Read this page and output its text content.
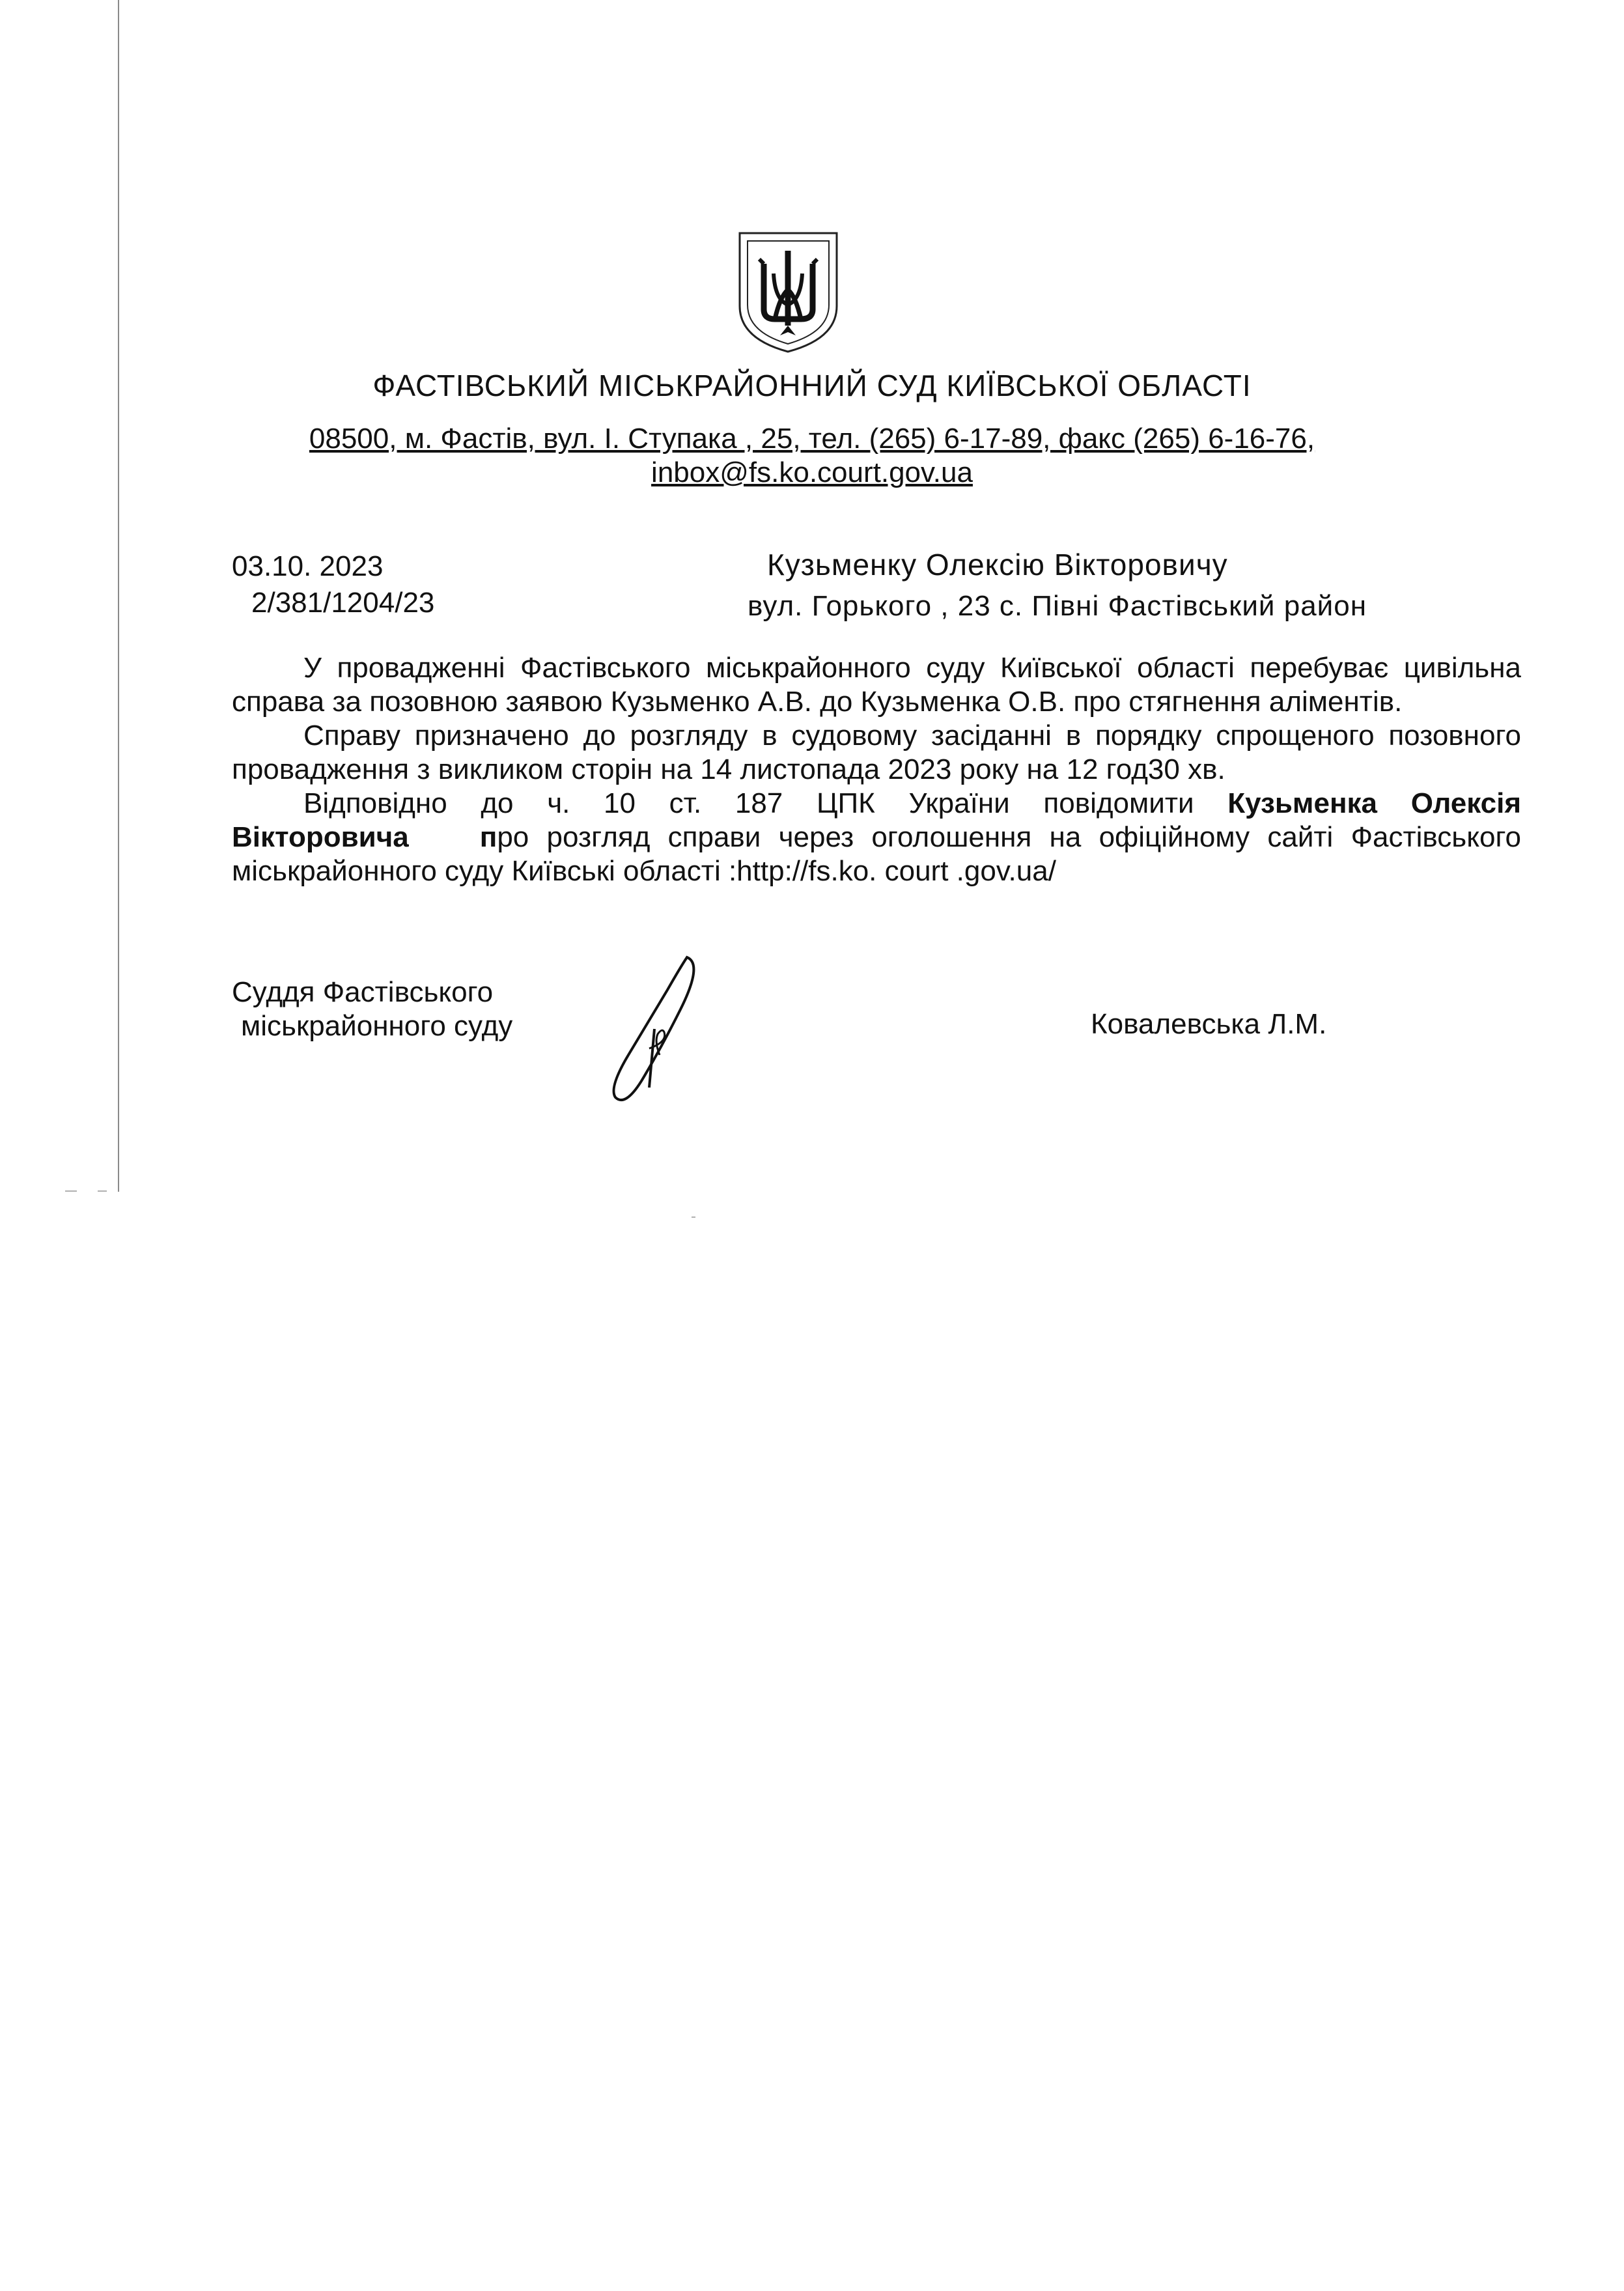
ФАСТІВСЬКИЙ МІСЬКРАЙОННИЙ СУД КИЇВСЬКОЇ ОБЛАСТІ
08500, м. Фастів, вул. І. Ступака , 25, тел. (265) 6-17-89, факс (265) 6-16-76,
inbox@fs.ko.court.gov.ua
03.10. 2023
2/381/1204/23
Кузьменку Олексію Вікторовичу
вул. Горького , 23 с. Півні Фастівський район

У провадженні Фастівського міськрайонного суду Київської області перебуває цивільна справа за позовною заявою Кузьменко А.В. до Кузьменка О.В. про стягнення аліментів.

Справу призначено до розгляду в судовому засіданні в порядку спрощеного позовного провадження з викликом сторін на 14 листопада 2023 року на 12 год30 хв.

Відповідно до ч. 10 ст. 187 ЦПК України повідомити Кузьменка Олексія Вікторовича про розгляд справи через оголошення на офіційному сайті Фастівського міськрайонного суду Київські області :http://fs.ko. court .gov.ua/

Суддя Фастівського
міськрайонного суду	Ковалевська Л.М.
